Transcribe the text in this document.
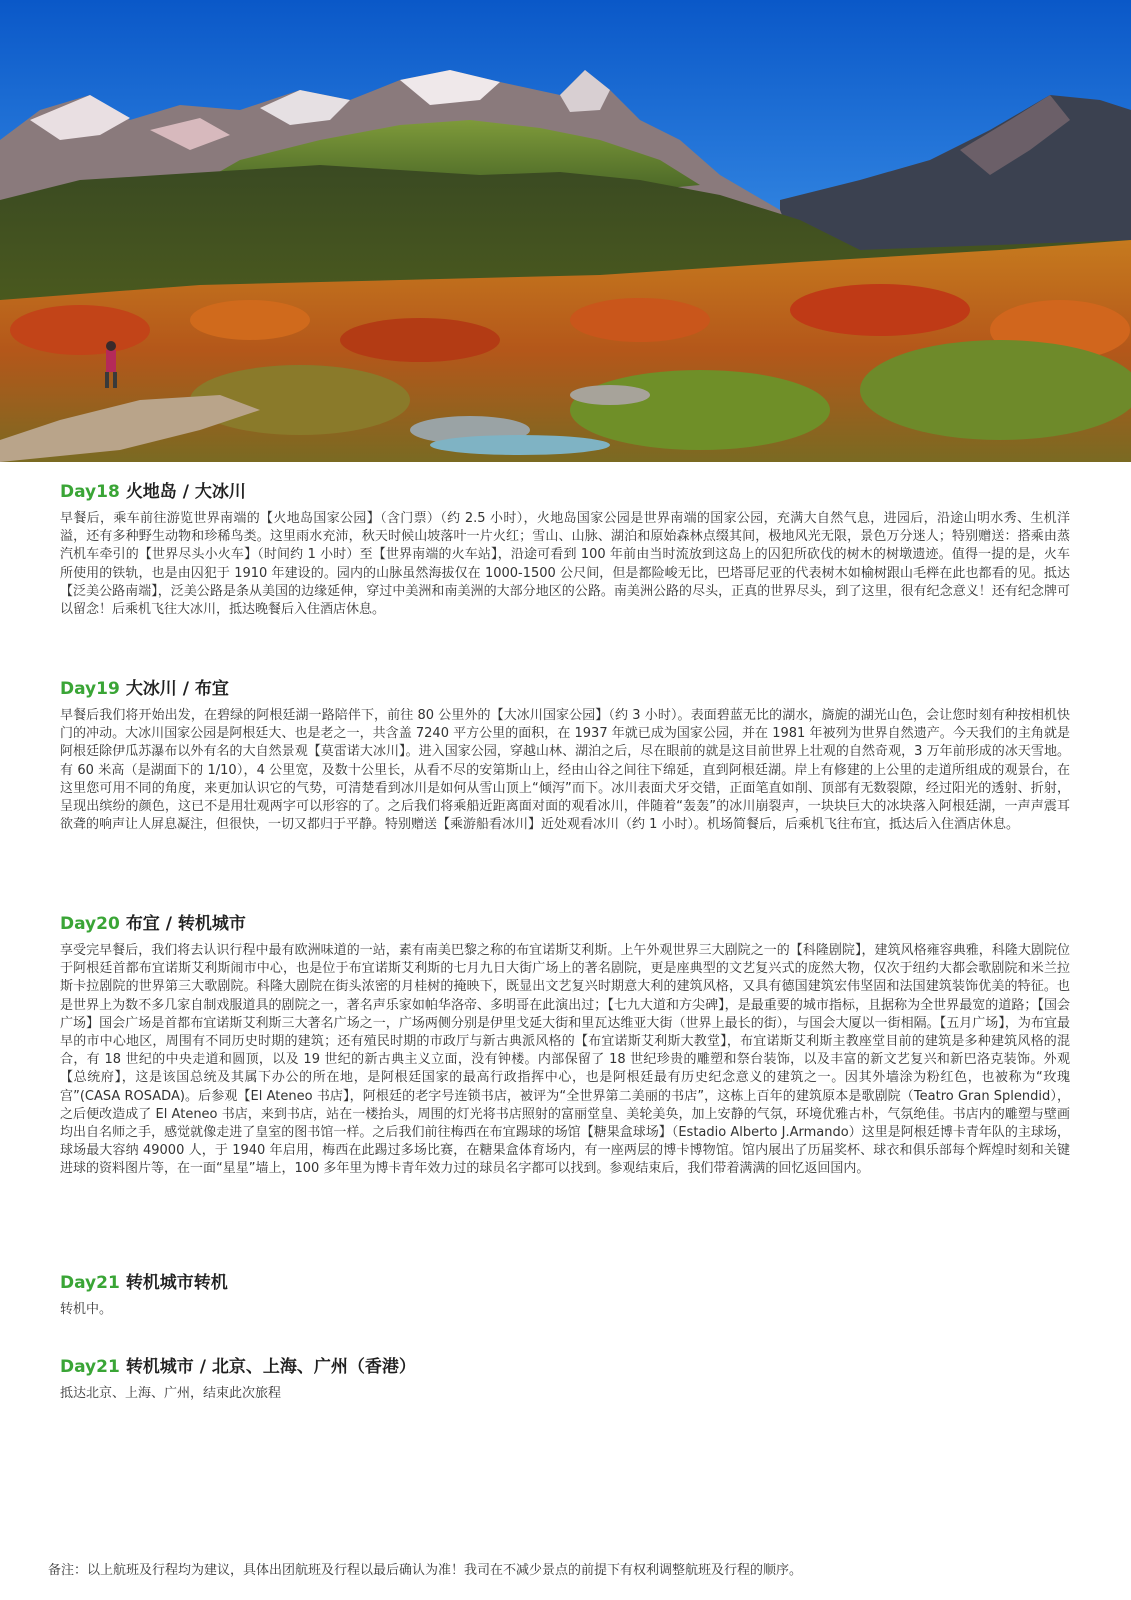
Day18 火地岛 / 大冰川

早餐后，乘车前往游览世界南端的【火地岛国家公园】（含门票）（约 2.5 小时），火地岛国家公园是世界南端的国家公园，充满大自然气息，进园后，沿途山明水秀、生机洋溢，还有多种野生动物和珍稀鸟类。这里雨水充沛，秋天时候山坡落叶一片火红；雪山、山脉、湖泊和原始森林点缀其间，极地风光无限，景色万分迷人；特别赠送：搭乘由蒸汽机车牵引的【世界尽头小火车】（时间约 1 小时）至【世界南端的火车站】，沿途可看到 100 年前由当时流放到这岛上的囚犯所砍伐的树木的树墩遗迹。值得一提的是，火车所使用的铁轨，也是由囚犯于 1910 年建设的。园内的山脉虽然海拔仅在 1000-1500 公尺间，但是都险峻无比，巴塔哥尼亚的代表树木如榆树跟山毛榉在此也都看的见。抵达【泛美公路南端】，泛美公路是条从美国的边缘延伸，穿过中美洲和南美洲的大部分地区的公路。南美洲公路的尽头，正真的世界尽头，到了这里，很有纪念意义！还有纪念牌可以留念！后乘机飞往大冰川，抵达晚餐后入住酒店休息。

Day19 大冰川 / 布宜

早餐后我们将开始出发，在碧绿的阿根廷湖一路陪伴下，前往 80 公里外的【大冰川国家公园】（约 3 小时）。表面碧蓝无比的湖水，旖旎的湖光山色，会让您时刻有种按相机快门的冲动。大冰川国家公园是阿根廷大、也是老之一，共含盖 7240 平方公里的面积，在 1937 年就已成为国家公园，并在 1981 年被列为世界自然遗产。今天我们的主角就是阿根廷除伊瓜苏瀑布以外有名的大自然景观【莫雷诺大冰川】。进入国家公园，穿越山林、湖泊之后，尽在眼前的就是这目前世界上壮观的自然奇观，3 万年前形成的冰天雪地。有 60 米高（是湖面下的 1/10），4 公里宽，及数十公里长，从看不尽的安第斯山上，经由山谷之间往下绵延，直到阿根廷湖。岸上有修建的上公里的走道所组成的观景台，在这里您可用不同的角度，来更加认识它的气势，可清楚看到冰川是如何从雪山顶上“倾泻”而下。冰川表面犬牙交错，正面笔直如削、顶部有无数裂隙，经过阳光的透射、折射，呈现出缤纷的颜色，这已不是用壮观两字可以形容的了。之后我们将乘船近距离面对面的观看冰川，伴随着“轰轰”的冰川崩裂声，一块块巨大的冰块落入阿根廷湖，一声声震耳欲聋的响声让人屏息凝注，但很快，一切又都归于平静。特别赠送【乘游船看冰川】近处观看冰川（约 1 小时）。机场简餐后，后乘机飞往布宜，抵达后入住酒店休息。

Day20 布宜 / 转机城市

享受完早餐后，我们将去认识行程中最有欧洲味道的一站，素有南美巴黎之称的布宜诺斯艾利斯。上午外观世界三大剧院之一的【科隆剧院】，建筑风格雍容典雅，科隆大剧院位于阿根廷首都布宜诺斯艾利斯闹市中心，也是位于布宜诺斯艾利斯的七月九日大街广场上的著名剧院，更是座典型的文艺复兴式的庞然大物，仅次于纽约大都会歌剧院和米兰拉斯卡拉剧院的世界第三大歌剧院。科隆大剧院在街头浓密的月桂树的掩映下，既显出文艺复兴时期意大利的建筑风格，又具有德国建筑宏伟坚固和法国建筑装饰优美的特征。也是世界上为数不多几家自制戏服道具的剧院之一，著名声乐家如帕华洛帝、多明哥在此演出过；【七九大道和方尖碑】，是最重要的城市指标，且据称为全世界最宽的道路；【国会广场】国会广场是首都布宜诺斯艾利斯三大著名广场之一，广场两侧分别是伊里戈延大街和里瓦达维亚大街（世界上最长的街），与国会大厦以一街相隔。【五月广场】，为布宜最早的市中心地区，周围有不同历史时期的建筑；还有殖民时期的市政厅与新古典派风格的【布宜诺斯艾利斯大教堂】，布宜诺斯艾利斯主教座堂目前的建筑是多种建筑风格的混合，有 18 世纪的中央走道和圆顶，以及 19 世纪的新古典主义立面，没有钟楼。内部保留了 18 世纪珍贵的雕塑和祭台装饰，以及丰富的新文艺复兴和新巴洛克装饰。外观【总统府】，这是该国总统及其属下办公的所在地，是阿根廷国家的最高行政指挥中心，也是阿根廷最有历史纪念意义的建筑之一。因其外墙涂为粉红色，也被称为“玫瑰宫”(CASA ROSADA)。后参观【El Ateneo 书店】，阿根廷的老字号连锁书店，被评为“全世界第二美丽的书店”，这栋上百年的建筑原本是歌剧院（Teatro Gran Splendid），之后便改造成了 El Ateneo 书店，来到书店，站在一楼抬头，周围的灯光将书店照射的富丽堂皇、美轮美奂，加上安静的气氛，环境优雅古朴，气氛绝佳。书店内的雕塑与壁画均出自名师之手，感觉就像走进了皇室的图书馆一样。之后我们前往梅西在布宜踢球的场馆【糖果盒球场】（Estadio Alberto J.Armando）这里是阿根廷博卡青年队的主球场，球场最大容纳 49000 人，于 1940 年启用，梅西在此踢过多场比赛，在糖果盒体育场内，有一座两层的博卡博物馆。馆内展出了历届奖杯、球衣和俱乐部每个辉煌时刻和关键进球的资料图片等，在一面“星星”墙上，100 多年里为博卡青年效力过的球员名字都可以找到。参观结束后，我们带着满满的回忆返回国内。

Day21 转机城市转机

转机中。

Day21 转机城市 / 北京、上海、广州（香港）

抵达北京、上海、广州，结束此次旅程

备注：以上航班及行程均为建议，具体出团航班及行程以最后确认为准！我司在不减少景点的前提下有权利调整航班及行程的顺序。
